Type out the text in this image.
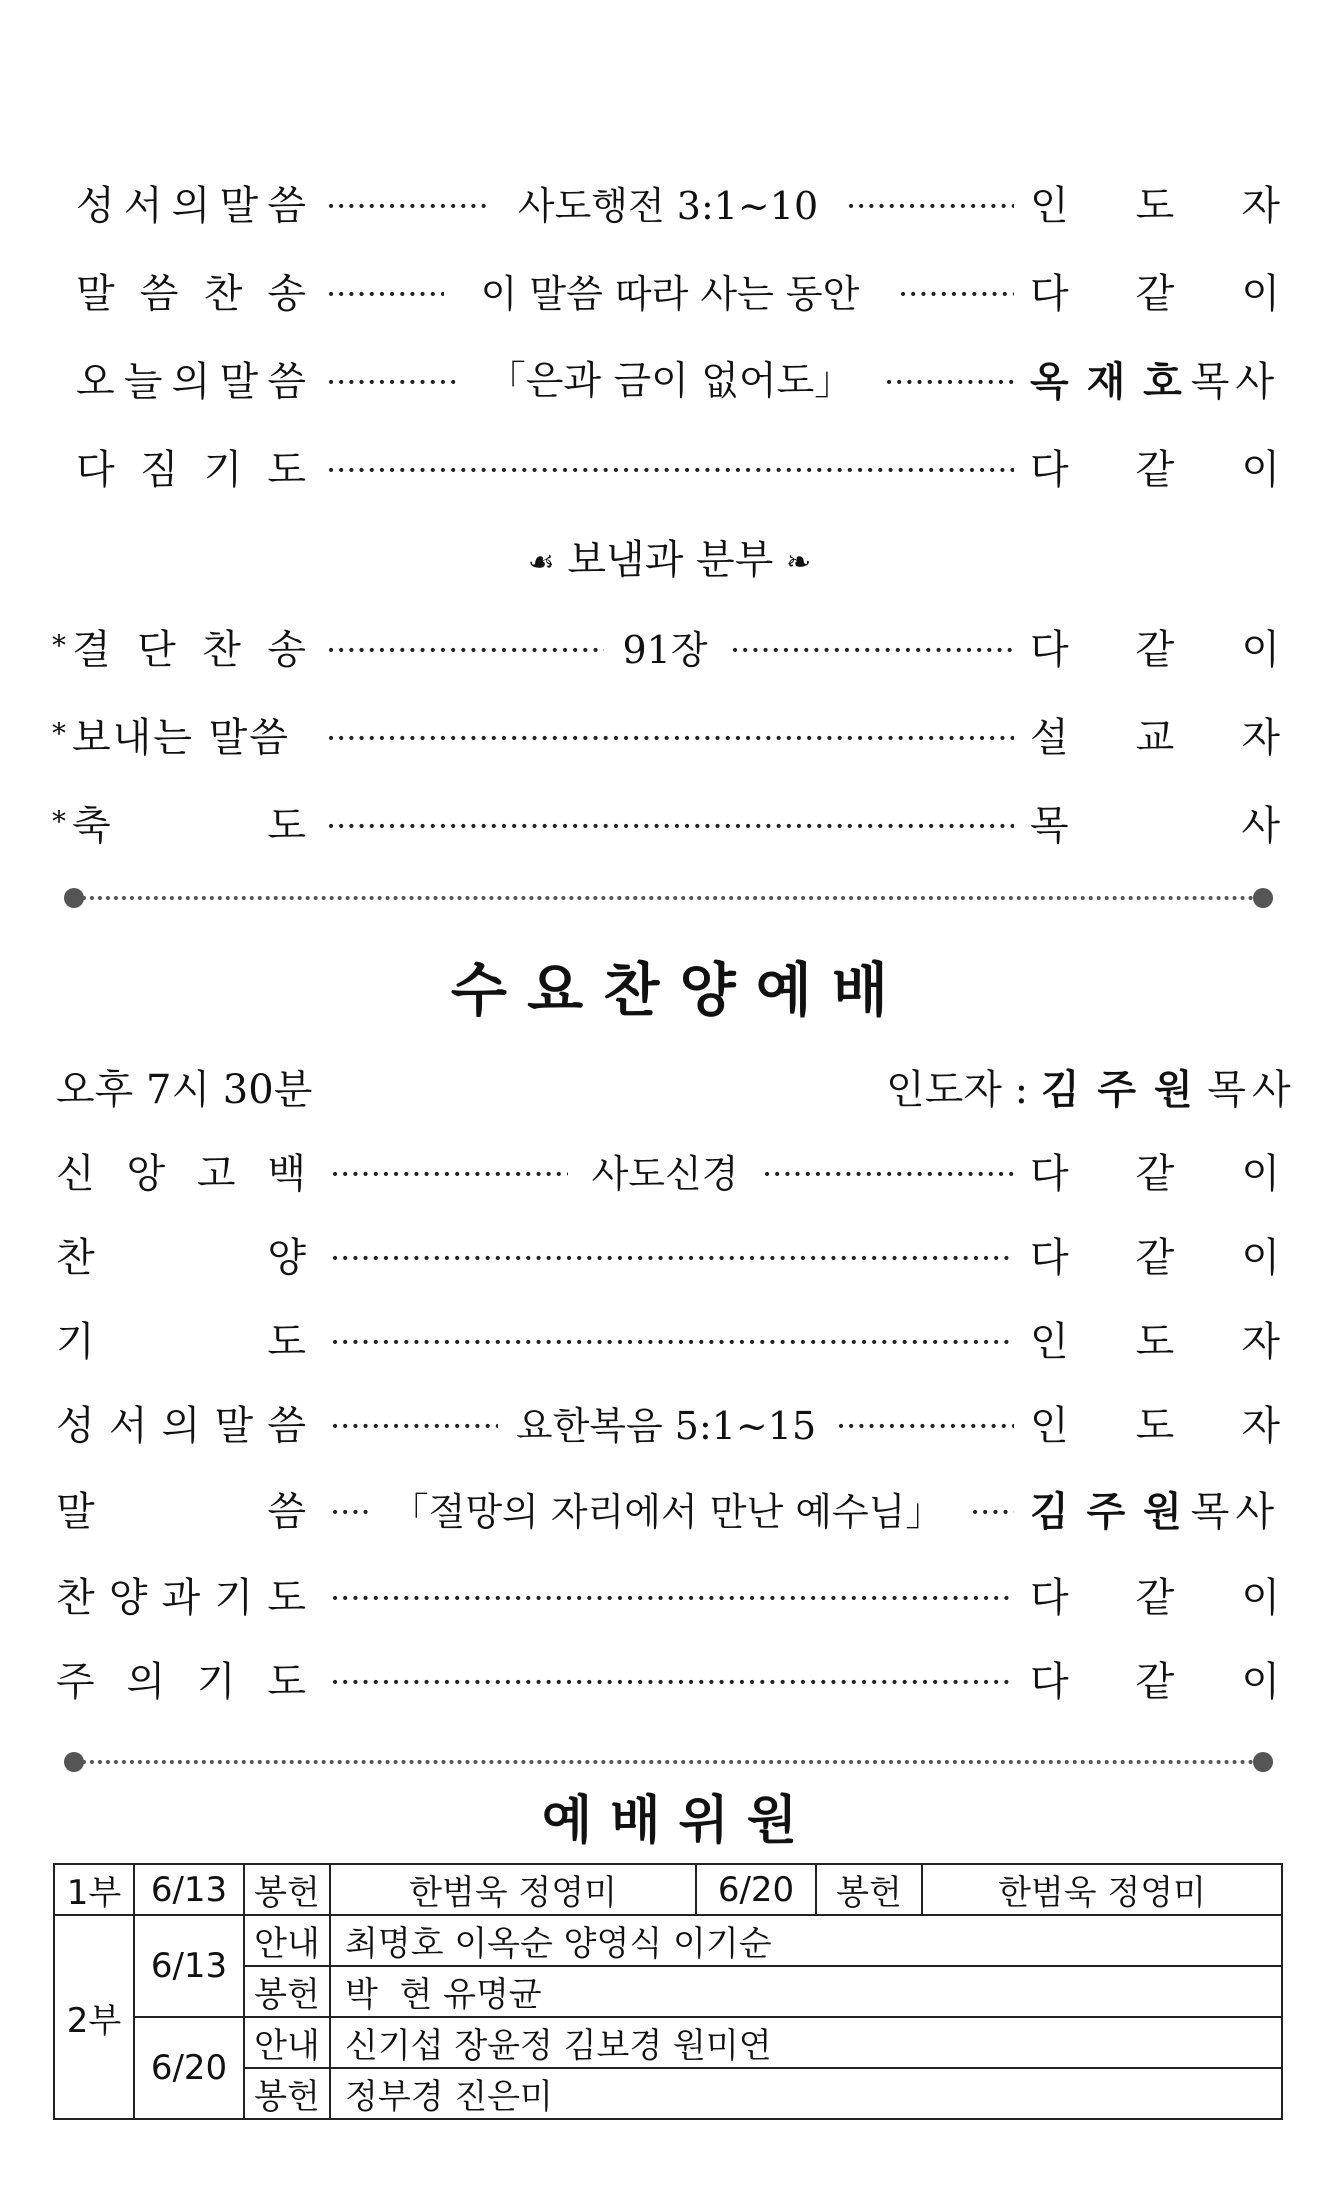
성 서 의 말 씀 ·····	사도행전 3:1~10 ·····	인 도 자
말 씀 찬 송 ·····	이 말씀 따라 사는 동안 ·····	다 같 이
오 늘 의 말 씀 ·····	「은과 금이 없어도」 ·····	옥 재 호 목사
다 짐 기 도 ·····	다 같 이
☙ 보냄과 분부 ❧
* 결 단 찬 송 ·····	91장 ·····	다 같 이
* 보내는 말씀 ·····	설 교 자
* 축	도 ·····	목	사
수 요 찬 양 예 배
오후 7시 30분	인도자 : 김 주 원 목사
신 앙 고 백 ·····	사도신경 ·····	다 같 이
찬	양 ·····	다 같 이
기	도 ·····	인 도 자
성 서 의 말 씀 ·····	요한복음 5:1~15 ·····	인 도 자
말	씀 ·····	「절망의 자리에서 만난 예수님」 ·····	김 주 원 목사
찬 양 과 기 도 ·····	다 같 이
주 의 기 도 ·····	다 같 이
예 배 위 원
1부	6/13	봉헌	한범욱 정영미	6/20	봉헌	한범욱 정영미
2부	6/13	안내	최명호 이옥순 양영식 이기순			
		봉헌	박  현 유명균			
	6/20	안내	신기섭 장윤정 김보경 원미연			
		봉헌	정부경 진은미			
